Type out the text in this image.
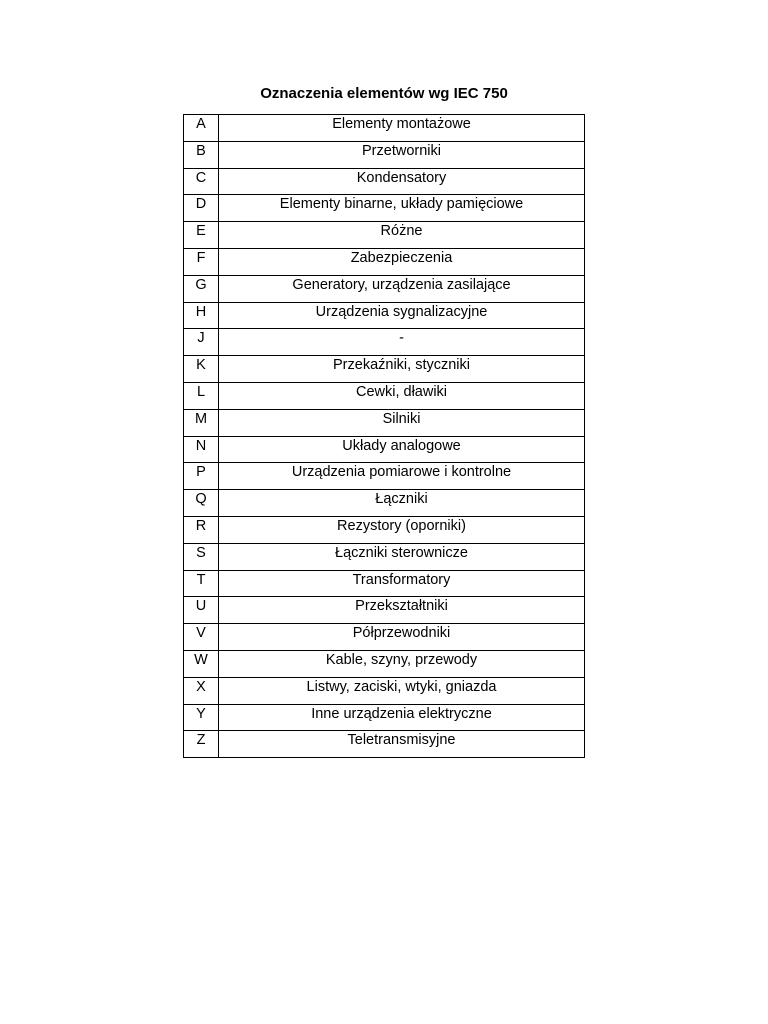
Oznaczenia elementów wg IEC 750
A	Elementy montażowe
B	Przetworniki
C	Kondensatory
D	Elementy binarne, układy pamięciowe
E	Różne
F	Zabezpieczenia
G	Generatory, urządzenia zasilające
H	Urządzenia sygnalizacyjne
J	-
K	Przekaźniki, styczniki
L	Cewki, dławiki
M	Silniki
N	Układy analogowe
P	Urządzenia pomiarowe i kontrolne
Q	Łączniki
R	Rezystory (oporniki)
S	Łączniki sterownicze
T	Transformatory
U	Przekształtniki
V	Półprzewodniki
W	Kable, szyny, przewody
X	Listwy, zaciski, wtyki, gniazda
Y	Inne urządzenia elektryczne
Z	Teletransmisyjne
